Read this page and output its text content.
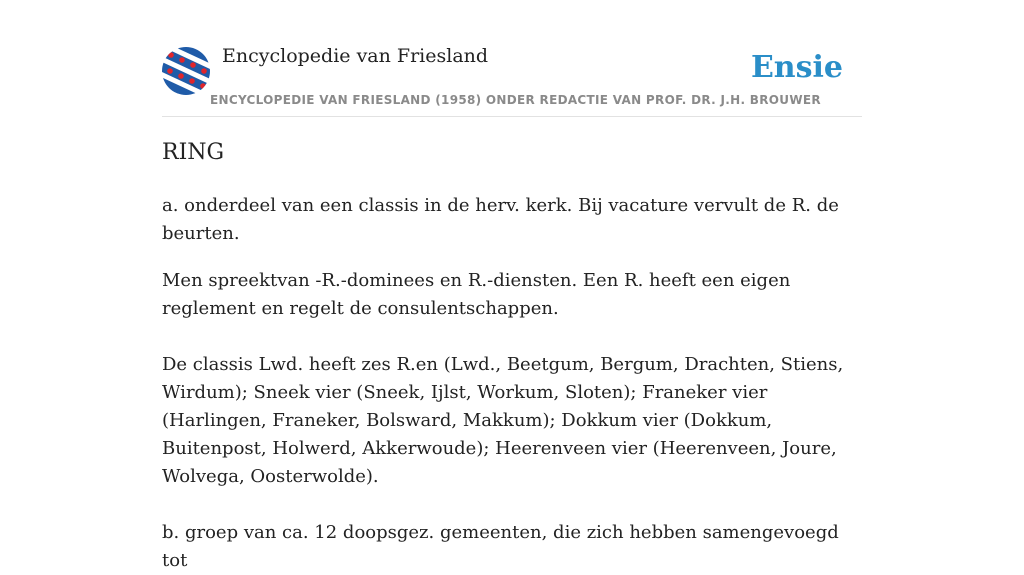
Encyclopedie van Friesland
ENCYCLOPEDIE VAN FRIESLAND (1958) ONDER REDACTIE VAN PROF. DR. J.H. BROUWER
Ensie
RING

a. onderdeel van een classis in de herv. kerk. Bij vacature vervult de R. de beurten.

Men spreektvan -R.-dominees en R.-diensten. Een R. heeft een eigen reglement en regelt de consulentschappen.

De classis Lwd. heeft zes R.en (Lwd., Beetgum, Bergum, Drachten, Stiens, Wirdum); Sneek vier (Sneek, Ijlst, Workum, Sloten); Franeker vier (Harlingen, Franeker, Bolsward, Makkum); Dokkum vier (Dokkum, Buitenpost, Holwerd, Akkerwoude); Heerenveen vier (Heerenveen, Joure, Wolvega, Oosterwolde).

b. groep van ca. 12 doopsgez. gemeenten, die zich hebben samengevoegd tot
